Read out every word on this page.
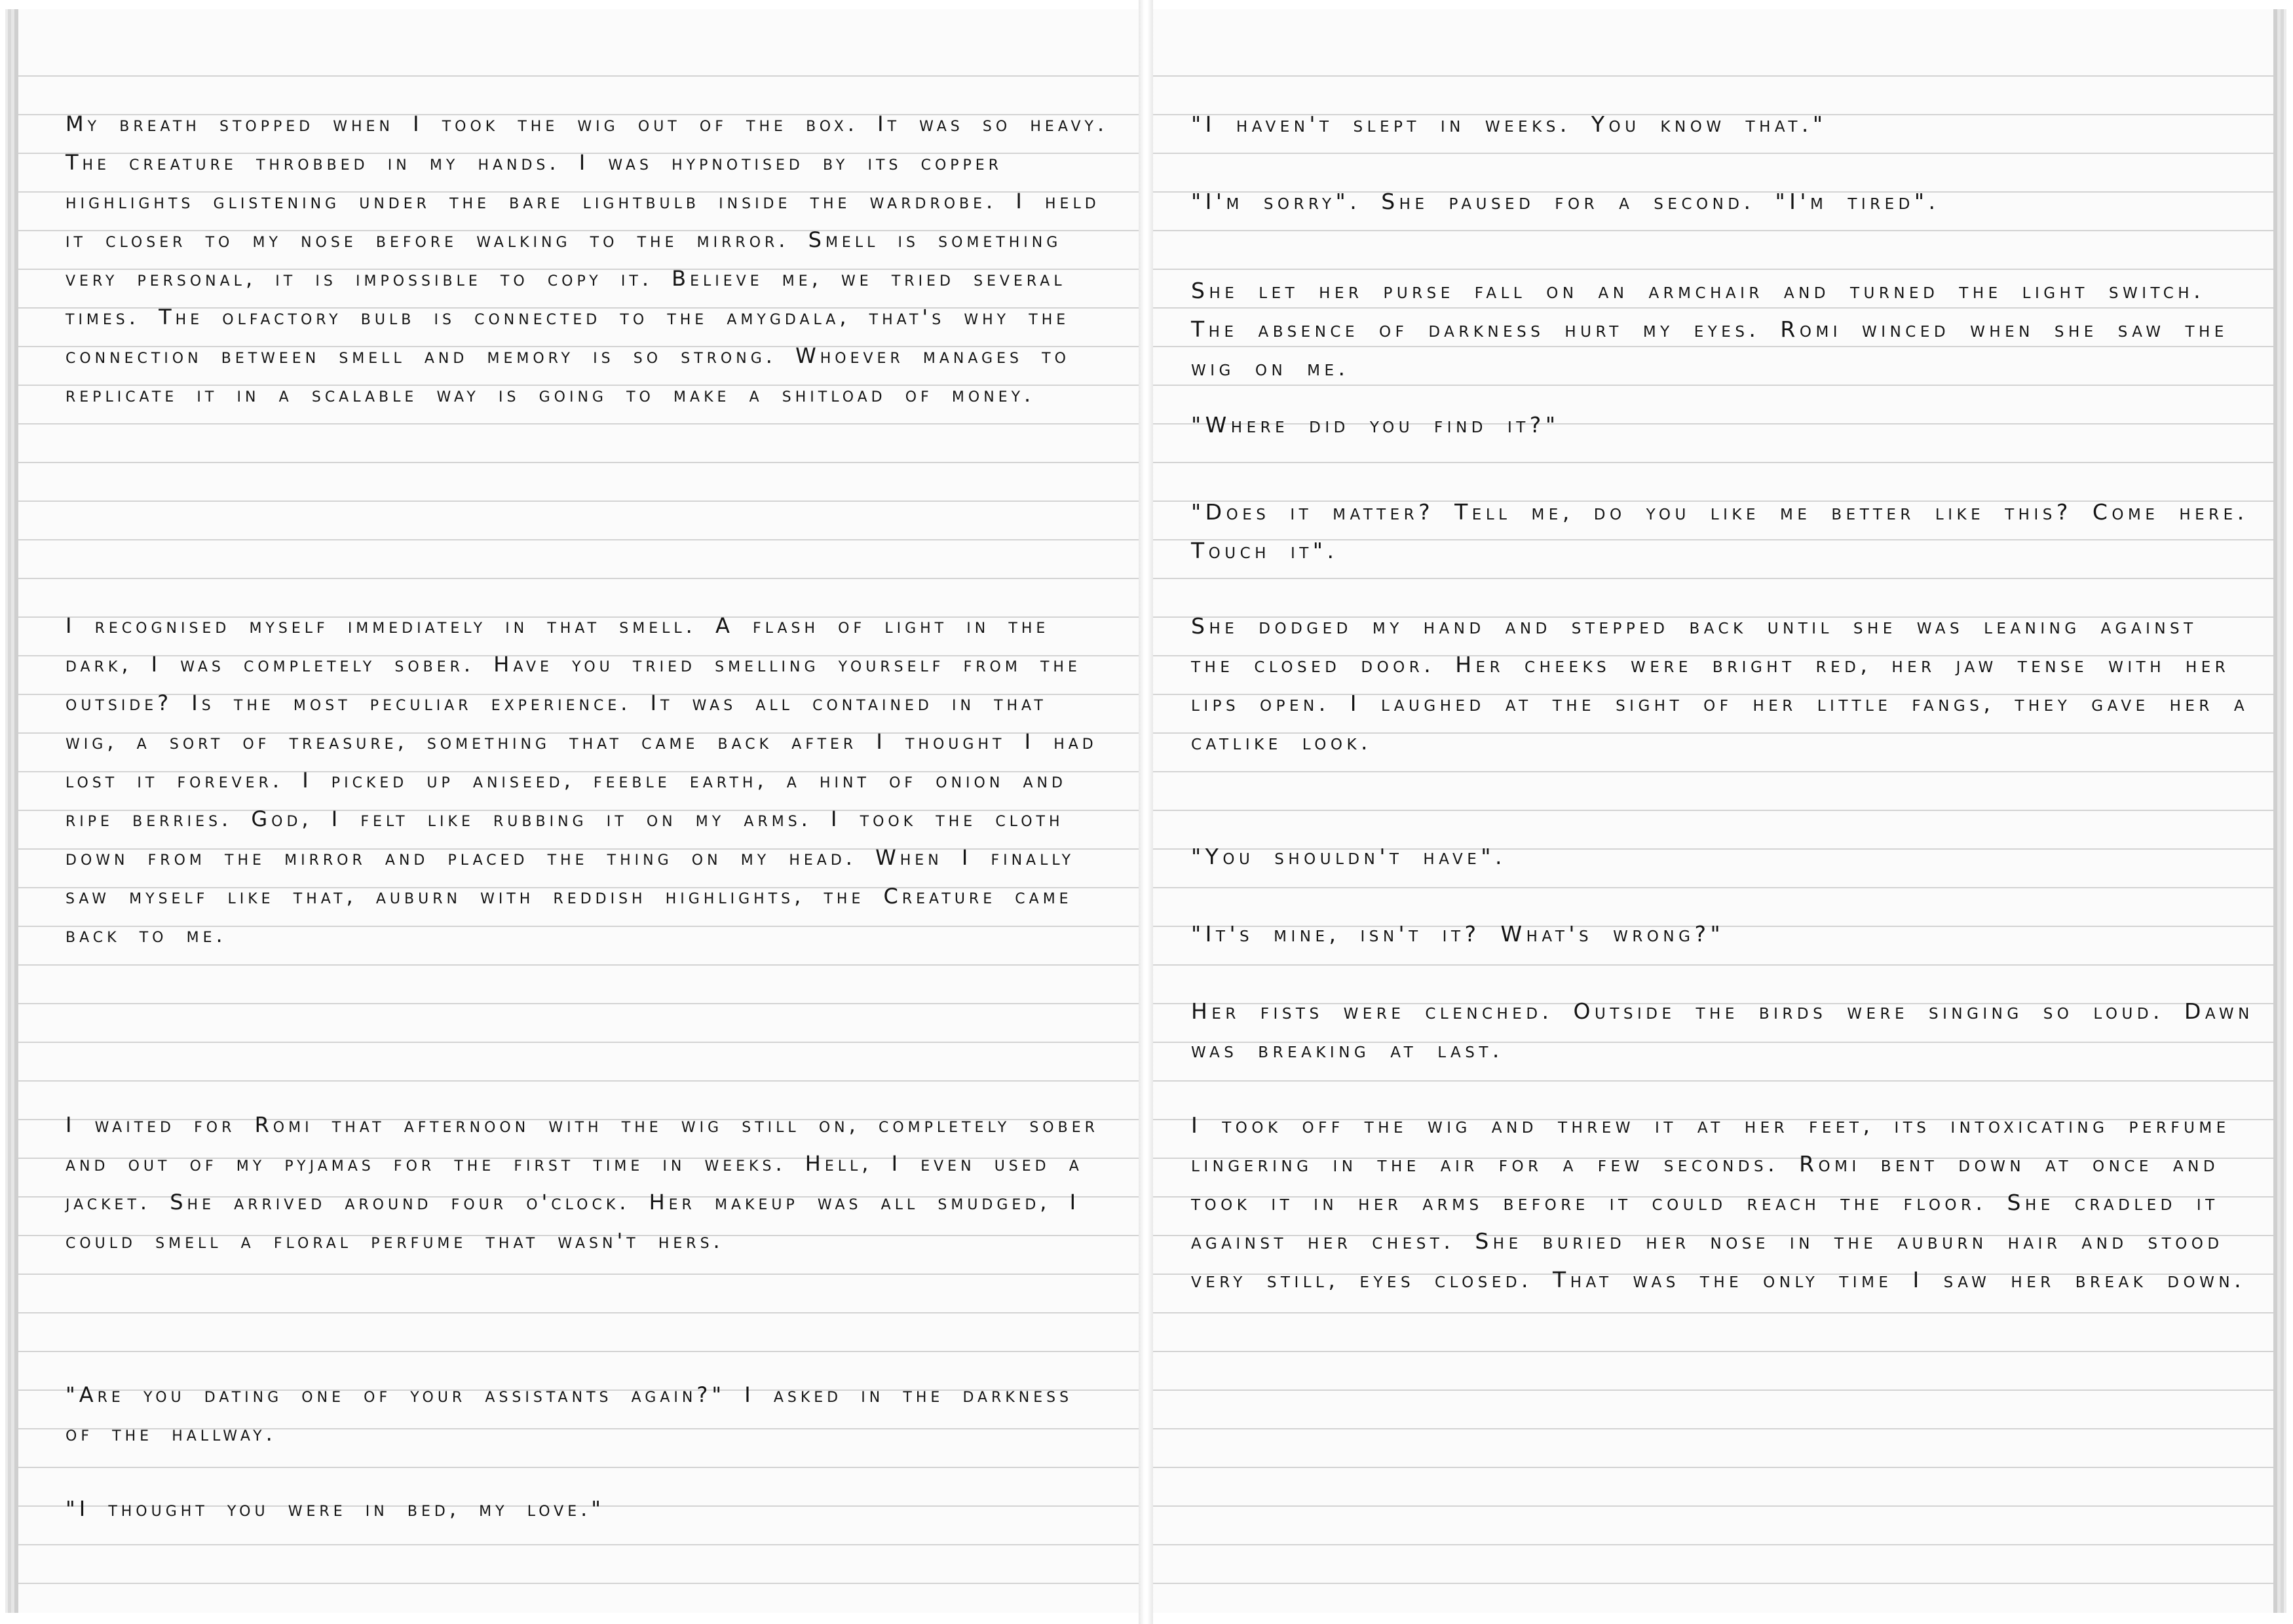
My breath stopped when I took the wig out of the box. It was so heavy. The creature throbbed in my hands. I was hypnotised by its copper highlights glistening under the bare lightbulb inside the wardrobe. I held it closer to my nose before walking to the mirror. Smell is something very personal, it is impossible to copy it. Believe me, we tried several times. The olfactory bulb is connected to the amygdala, that's why the connection between smell and memory is so strong. Whoever manages to replicate it in a scalable way is going to make a shitload of money.

I recognised myself immediately in that smell. A flash of light in the dark, I was completely sober. Have you tried smelling yourself from the outside? Is the most peculiar experience. It was all contained in that wig, a sort of treasure, something that came back after I thought I had lost it forever. I picked up aniseed, feeble earth, a hint of onion and ripe berries. God, I felt like rubbing it on my arms. I took the cloth down from the mirror and placed the thing on my head. When I finally saw myself like that, auburn with reddish highlights, the Creature came back to me.

I waited for Romi that afternoon with the wig still on, completely sober and out of my pyjamas for the first time in weeks. Hell, I even used a jacket. She arrived around four o'clock. Her makeup was all smudged, I could smell a floral perfume that wasn't hers.

"Are you dating one of your assistants again?" I asked in the darkness of the hallway.

"I thought you were in bed, my love."

"I haven't slept in weeks. You know that."

"I'm sorry". She paused for a second. "I'm tired".

She let her purse fall on an armchair and turned the light switch. The absence of darkness hurt my eyes. Romi winced when she saw the wig on me.

"Where did you find it?"

"Does it matter? Tell me, do you like me better like this? Come here. Touch it".

She dodged my hand and stepped back until she was leaning against the closed door. Her cheeks were bright red, her jaw tense with her lips open. I laughed at the sight of her little fangs, they gave her a catlike look.

"You shouldn't have".

"It's mine, isn't it? What's wrong?"

Her fists were clenched. Outside the birds were singing so loud. Dawn was breaking at last.

I took off the wig and threw it at her feet, its intoxicating perfume lingering in the air for a few seconds. Romi bent down at once and took it in her arms before it could reach the floor. She cradled it against her chest. She buried her nose in the auburn hair and stood very still, eyes closed. That was the only time I saw her break down.
